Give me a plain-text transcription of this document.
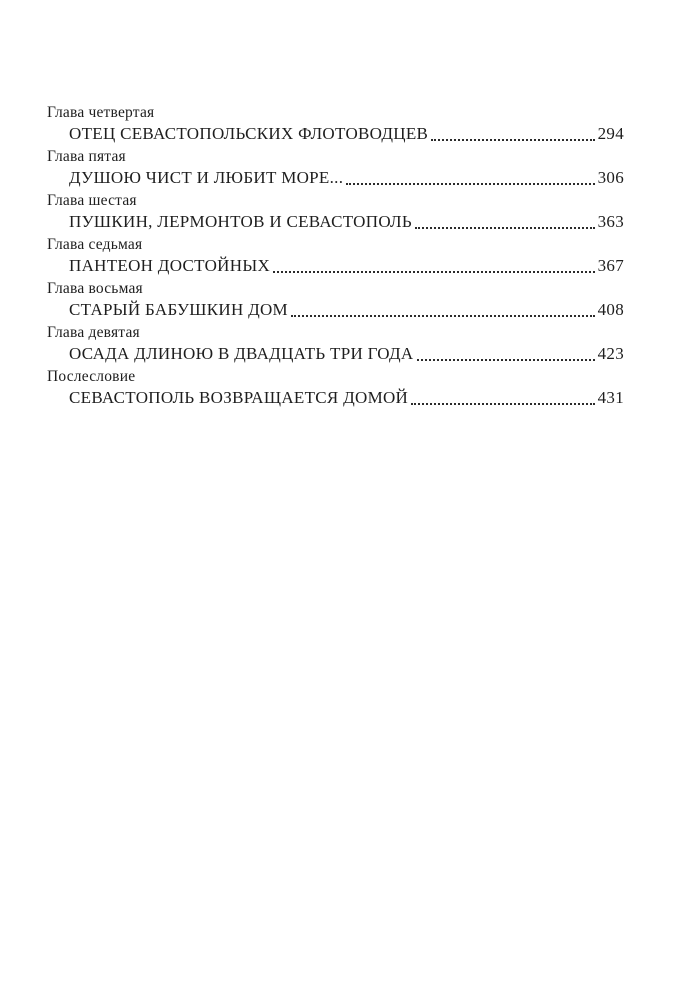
Глава четвертая
ОТЕЦ СЕВАСТОПОЛЬСКИХ ФЛОТОВОДЦЕВ	294
Глава пятая
ДУШОЮ ЧИСТ И ЛЮБИТ МОРЕ...	306
Глава шестая
ПУШКИН, ЛЕРМОНТОВ И СЕВАСТОПОЛЬ	363
Глава седьмая
ПАНТЕОН ДОСТОЙНЫХ	367
Глава восьмая
СТАРЫЙ БАБУШКИН ДОМ	408
Глава девятая
ОСАДА ДЛИНОЮ В ДВАДЦАТЬ ТРИ ГОДА	423
Послесловие
СЕВАСТОПОЛЬ ВОЗВРАЩАЕТСЯ ДОМОЙ	431
